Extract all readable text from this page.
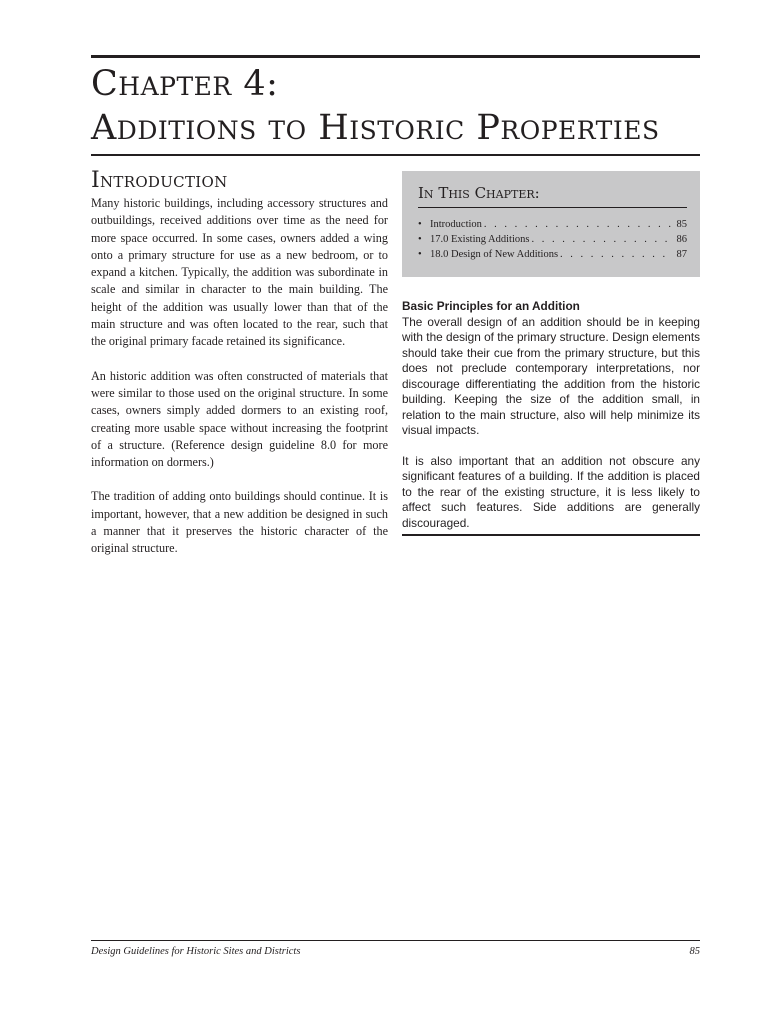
Chapter 4:
Additions to Historic Properties
Introduction

Many historic buildings, including accessory structures and outbuildings, received additions over time as the need for more space occurred. In some cases, owners added a wing onto a primary structure for use as a new bedroom, or to expand a kitchen. Typically, the addition was subordinate in scale and similar in character to the main building. The height of the addition was usually lower than that of the main structure and was often located to the rear, such that the original primary facade retained its significance.

An historic addition was often constructed of materials that were similar to those used on the original structure. In some cases, owners simply added dormers to an existing roof, creating more usable space without increasing the footprint of a structure. (Reference design guideline 8.0 for more information on dormers.)

The tradition of adding onto buildings should continue. It is important, however, that a new addition be designed in such a manner that it preserves the historic character of the original structure.

In This Chapter:
• Introduction . . .	85
• 17.0 Existing Additions . . .	86
• 18.0 Design of New Additions . . .	87
Basic Principles for an Addition

The overall design of an addition should be in keeping with the design of the primary structure. Design elements should take their cue from the primary structure, but this does not preclude contemporary interpretations, nor discourage differentiating the addition from the historic building. Keeping the size of the addition small, in relation to the main structure, also will help minimize its visual impacts.

It is also important that an addition not obscure any significant features of a building. If the addition is placed to the rear of the existing structure, it is less likely to affect such features. Side additions are generally discouraged.

Design Guidelines for Historic Sites and Districts	85
